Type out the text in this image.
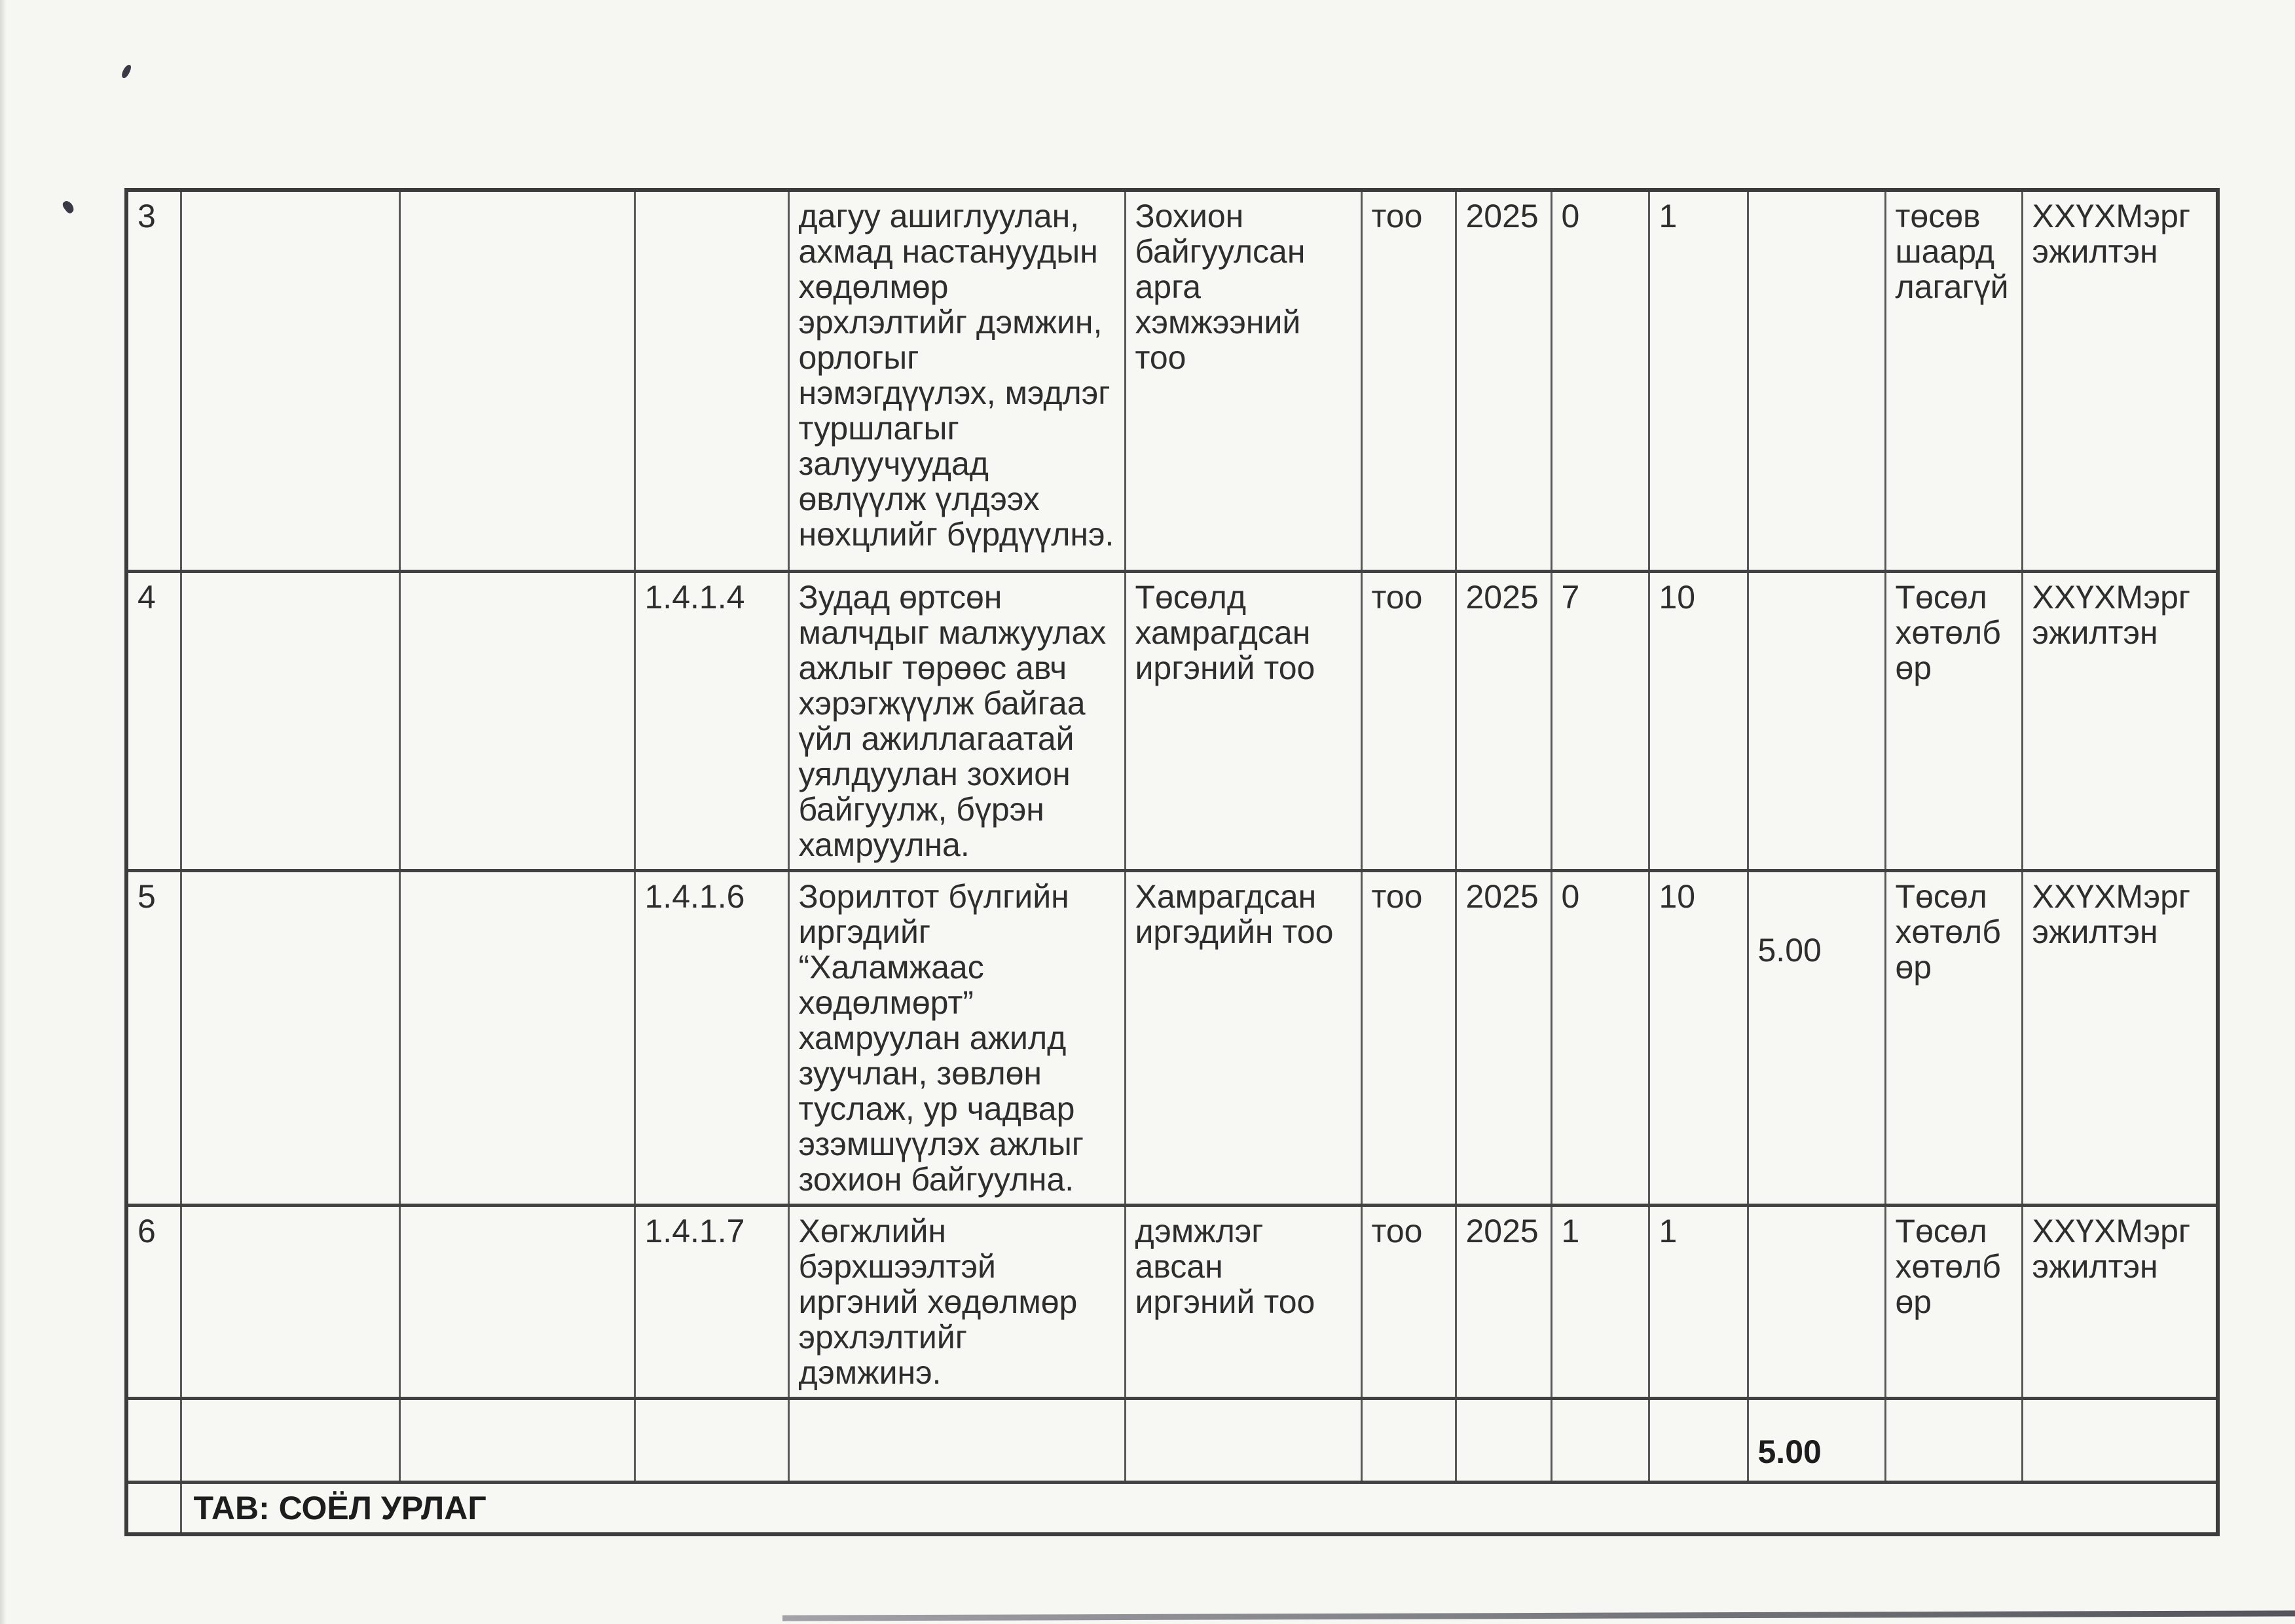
3				дагуу ашиглуулан, ахмад настануудын хөдөлмөр эрхлэлтийг дэмжин, орлогыг нэмэгдүүлэх, мэдлэг туршлагыг залуучуудад өвлүүлж үлдээх нөхцлийг бүрдүүлнэ.	Зохион байгуулсан арга хэмжээний тоо	тоо	2025	0	1		төсөв шаардлагагүй	ХХҮХМэргэжилтэн
4			1.4.1.4	Зудад өртсөн малчдыг малжуулах ажлыг төрөөс авч хэрэгжүүлж байгаа үйл ажиллагаатай уялдуулан зохион байгуулж, бүрэн хамруулна.	Төсөлд хамрагдсан иргэний тоо	тоо	2025	7	10		Төсөл хөтөлбөр	ХХҮХМэргэжилтэн
5			1.4.1.6	Зорилтот бүлгийн иргэдийг “Халамжаас хөдөлмөрт” хамруулан ажилд зуучлан, зөвлөн туслаж, ур чадвар эзэмшүүлэх ажлыг зохион байгуулна.	Хамрагдсан иргэдийн тоо	тоо	2025	0	10	5.00	Төсөл хөтөлбөр	ХХҮХМэргэжилтэн
6			1.4.1.7	Хөгжлийн бэрхшээлтэй иргэний хөдөлмөр эрхлэлтийг дэмжинэ.	дэмжлэг авсан иргэний тоо	тоо	2025	1	1		Төсөл хөтөлбөр	ХХҮХМэргэжилтэн
										5.00		
	ТАВ: СОЁЛ УРЛАГ											
